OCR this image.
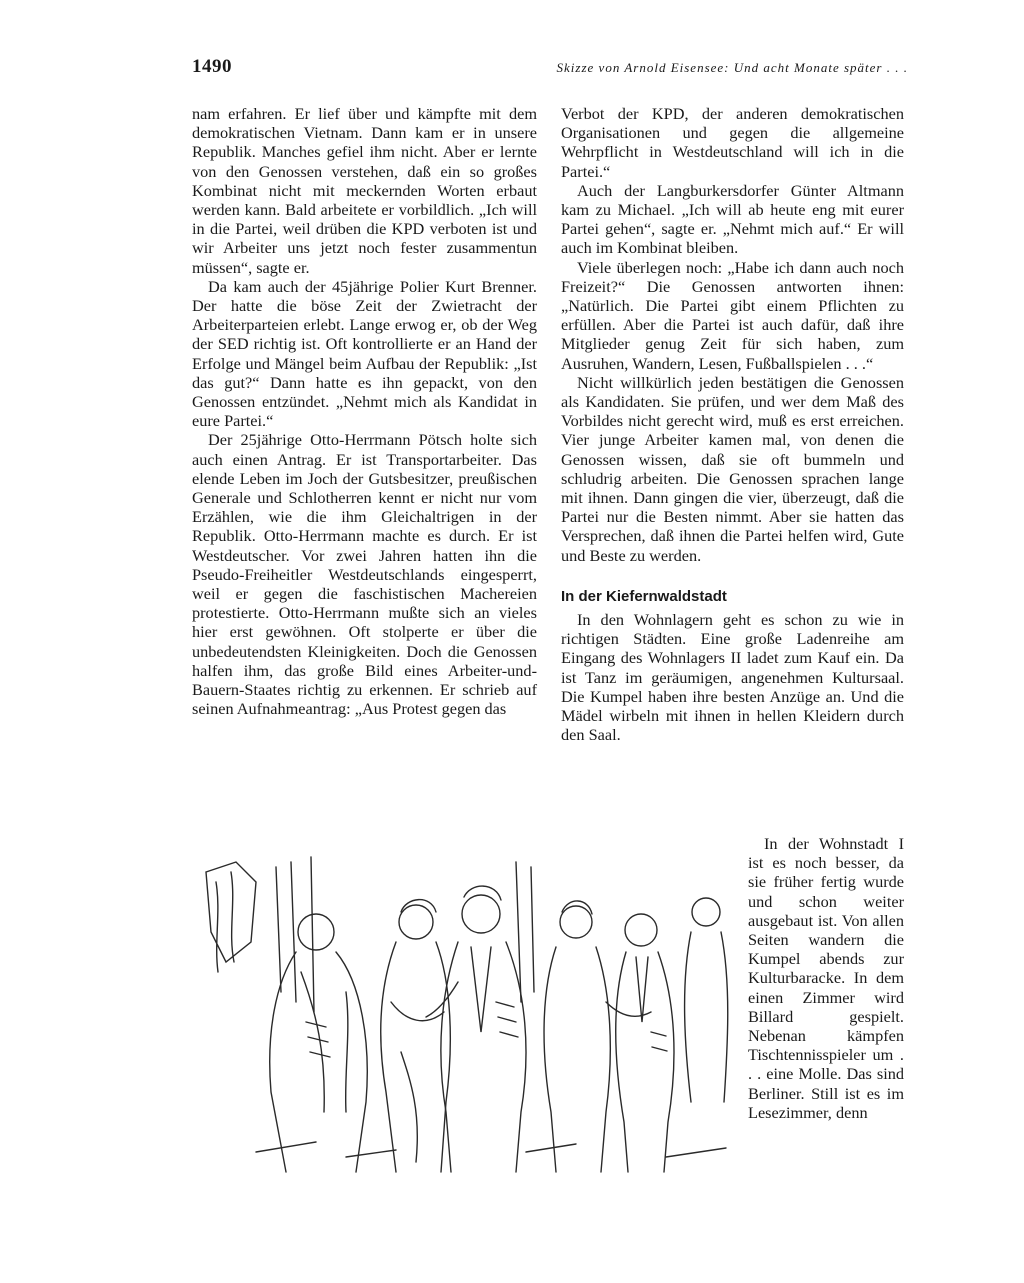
1490	Skizze von Arnold Eisensee: Und acht Monate später . . .

nam erfahren. Er lief über und kämpfte mit dem demokratischen Vietnam. Dann kam er in unsere Republik. Manches gefiel ihm nicht. Aber er lernte von den Genossen verstehen, daß ein so großes Kombinat nicht mit meckernden Worten erbaut werden kann. Bald arbeitete er vorbildlich. „Ich will in die Partei, weil drüben die KPD verboten ist und wir Arbeiter uns jetzt noch fester zusammentun müssen“, sagte er.

Da kam auch der 45jährige Polier Kurt Brenner. Der hatte die böse Zeit der Zwietracht der Arbeiterparteien erlebt. Lange erwog er, ob der Weg der SED richtig ist. Oft kontrollierte er an Hand der Erfolge und Mängel beim Aufbau der Republik: „Ist das gut?“ Dann hatte es ihn gepackt, von den Genossen entzündet. „Nehmt mich als Kandidat in eure Partei.“

Der 25jährige Otto-Herrmann Pötsch holte sich auch einen Antrag. Er ist Transportarbeiter. Das elende Leben im Joch der Gutsbesitzer, preußischen Generale und Schlotherren kennt er nicht nur vom Erzählen, wie die ihm Gleichaltrigen in der Republik. Otto-Herrmann machte es durch. Er ist Westdeutscher. Vor zwei Jahren hatten ihn die Pseudo-Freiheitler Westdeutschlands eingesperrt, weil er gegen die faschistischen Machereien protestierte. Otto-Herrmann mußte sich an vieles hier erst gewöhnen. Oft stolperte er über die unbedeutendsten Kleinigkeiten. Doch die Genossen halfen ihm, das große Bild eines Arbeiter-und-Bauern-Staates richtig zu erkennen. Er schrieb auf seinen Aufnahmeantrag: „Aus Protest gegen das

Verbot der KPD, der anderen demokratischen Organisationen und gegen die allgemeine Wehrpflicht in Westdeutschland will ich in die Partei.“

Auch der Langburkersdorfer Günter Altmann kam zu Michael. „Ich will ab heute eng mit eurer Partei gehen“, sagte er. „Nehmt mich auf.“ Er will auch im Kombinat bleiben.

Viele überlegen noch: „Habe ich dann auch noch Freizeit?“ Die Genossen antworten ihnen: „Natürlich. Die Partei gibt einem Pflichten zu erfüllen. Aber die Partei ist auch dafür, daß ihre Mitglieder genug Zeit für sich haben, zum Ausruhen, Wandern, Lesen, Fußballspielen . . .“

Nicht willkürlich jeden bestätigen die Genossen als Kandidaten. Sie prüfen, und wer dem Maß des Vorbildes nicht gerecht wird, muß es erst erreichen. Vier junge Arbeiter kamen mal, von denen die Genossen wissen, daß sie oft bummeln und schludrig arbeiten. Die Genossen sprachen lange mit ihnen. Dann gingen die vier, überzeugt, daß die Partei nur die Besten nimmt. Aber sie hatten das Versprechen, daß ihnen die Partei helfen wird, Gute und Beste zu werden.

In der Kiefernwaldstadt

In den Wohnlagern geht es schon zu wie in richtigen Städten. Eine große Ladenreihe am Eingang des Wohnlagers II ladet zum Kauf ein. Da ist Tanz im geräumigen, angenehmen Kultursaal. Die Kumpel haben ihre besten Anzüge an. Und die Mädel wirbeln mit ihnen in hellen Kleidern durch den Saal.

In der Wohnstadt I ist es noch besser, da sie früher fertig wurde und schon weiter ausgebaut ist. Von allen Seiten wandern die Kumpel abends zur Kulturbaracke. In dem einen Zimmer wird Billard gespielt. Nebenan kämpfen Tischtennisspieler um . . . eine Molle. Das sind Berliner. Still ist es im Lesezimmer, denn
